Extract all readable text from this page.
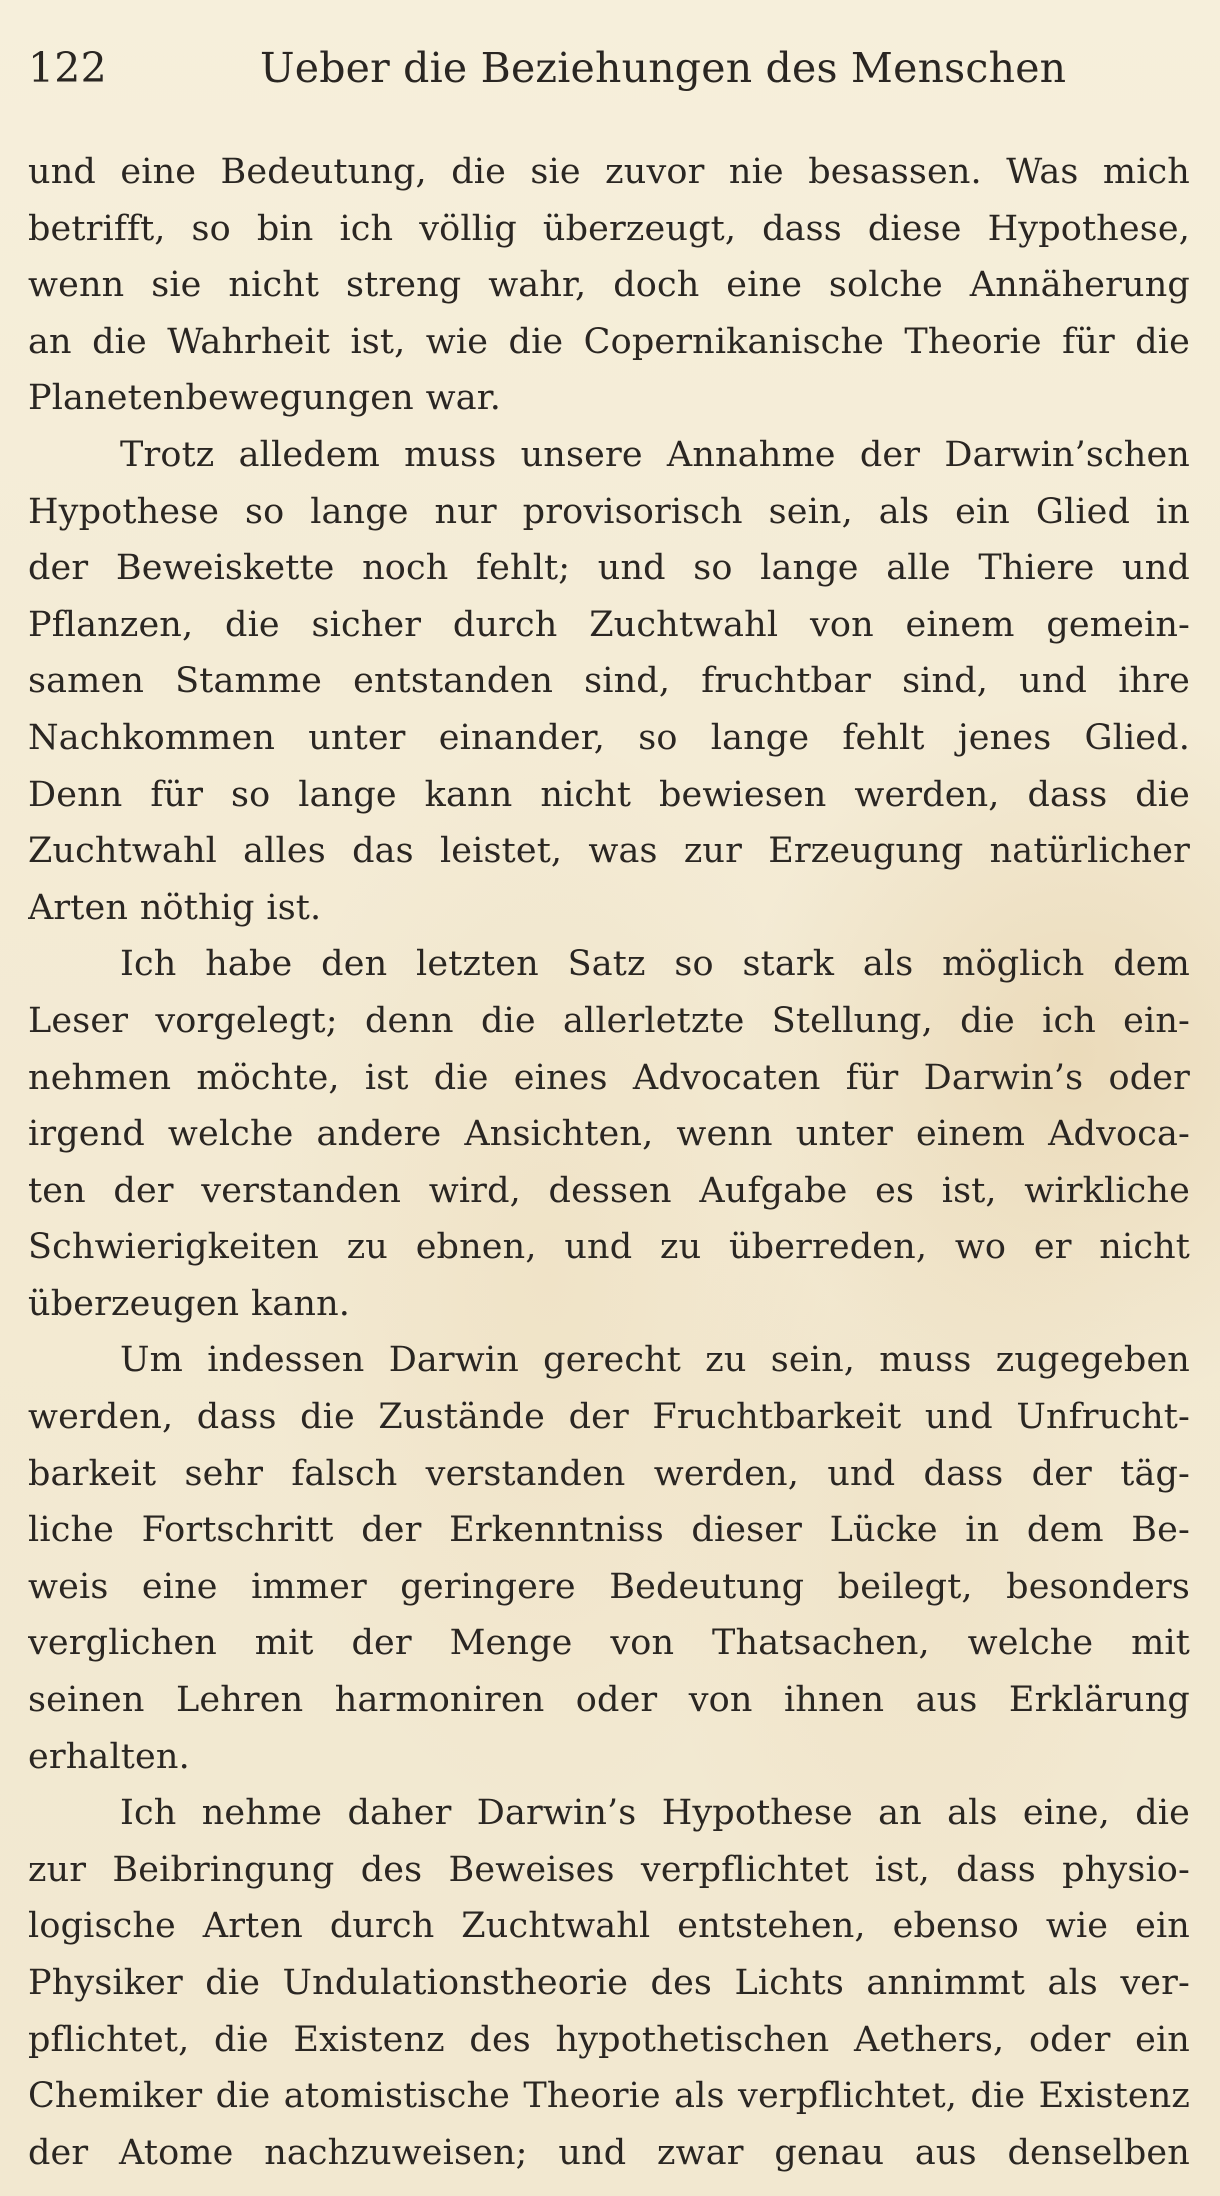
122	Ueber die Beziehungen des Menschen
und eine Bedeutung, die sie zuvor nie besassen. Was mich
betrifft, so bin ich völlig überzeugt, dass diese Hypothese,
wenn sie nicht streng wahr, doch eine solche Annäherung
an die Wahrheit ist, wie die Copernikanische Theorie für die
Planetenbewegungen war.
Trotz alledem muss unsere Annahme der Darwin’schen
Hypothese so lange nur provisorisch sein, als ein Glied in
der Beweiskette noch fehlt; und so lange alle Thiere und
Pflanzen, die sicher durch Zuchtwahl von einem gemein-
samen Stamme entstanden sind, fruchtbar sind, und ihre
Nachkommen unter einander, so lange fehlt jenes Glied.
Denn für so lange kann nicht bewiesen werden, dass die
Zuchtwahl alles das leistet, was zur Erzeugung natürlicher
Arten nöthig ist.
Ich habe den letzten Satz so stark als möglich dem
Leser vorgelegt; denn die allerletzte Stellung, die ich ein-
nehmen möchte, ist die eines Advocaten für Darwin’s oder
irgend welche andere Ansichten, wenn unter einem Advoca-
ten der verstanden wird, dessen Aufgabe es ist, wirkliche
Schwierigkeiten zu ebnen, und zu überreden, wo er nicht
überzeugen kann.
Um indessen Darwin gerecht zu sein, muss zugegeben
werden, dass die Zustände der Fruchtbarkeit und Unfrucht-
barkeit sehr falsch verstanden werden, und dass der täg-
liche Fortschritt der Erkenntniss dieser Lücke in dem Be-
weis eine immer geringere Bedeutung beilegt, besonders
verglichen mit der Menge von Thatsachen, welche mit
seinen Lehren harmoniren oder von ihnen aus Erklärung
erhalten.
Ich nehme daher Darwin’s Hypothese an als eine, die
zur Beibringung des Beweises verpflichtet ist, dass physio-
logische Arten durch Zuchtwahl entstehen, ebenso wie ein
Physiker die Undulationstheorie des Lichts annimmt als ver-
pflichtet, die Existenz des hypothetischen Aethers, oder ein
Chemiker die atomistische Theorie als verpflichtet, die Existenz
der Atome nachzuweisen; und zwar genau aus denselben
